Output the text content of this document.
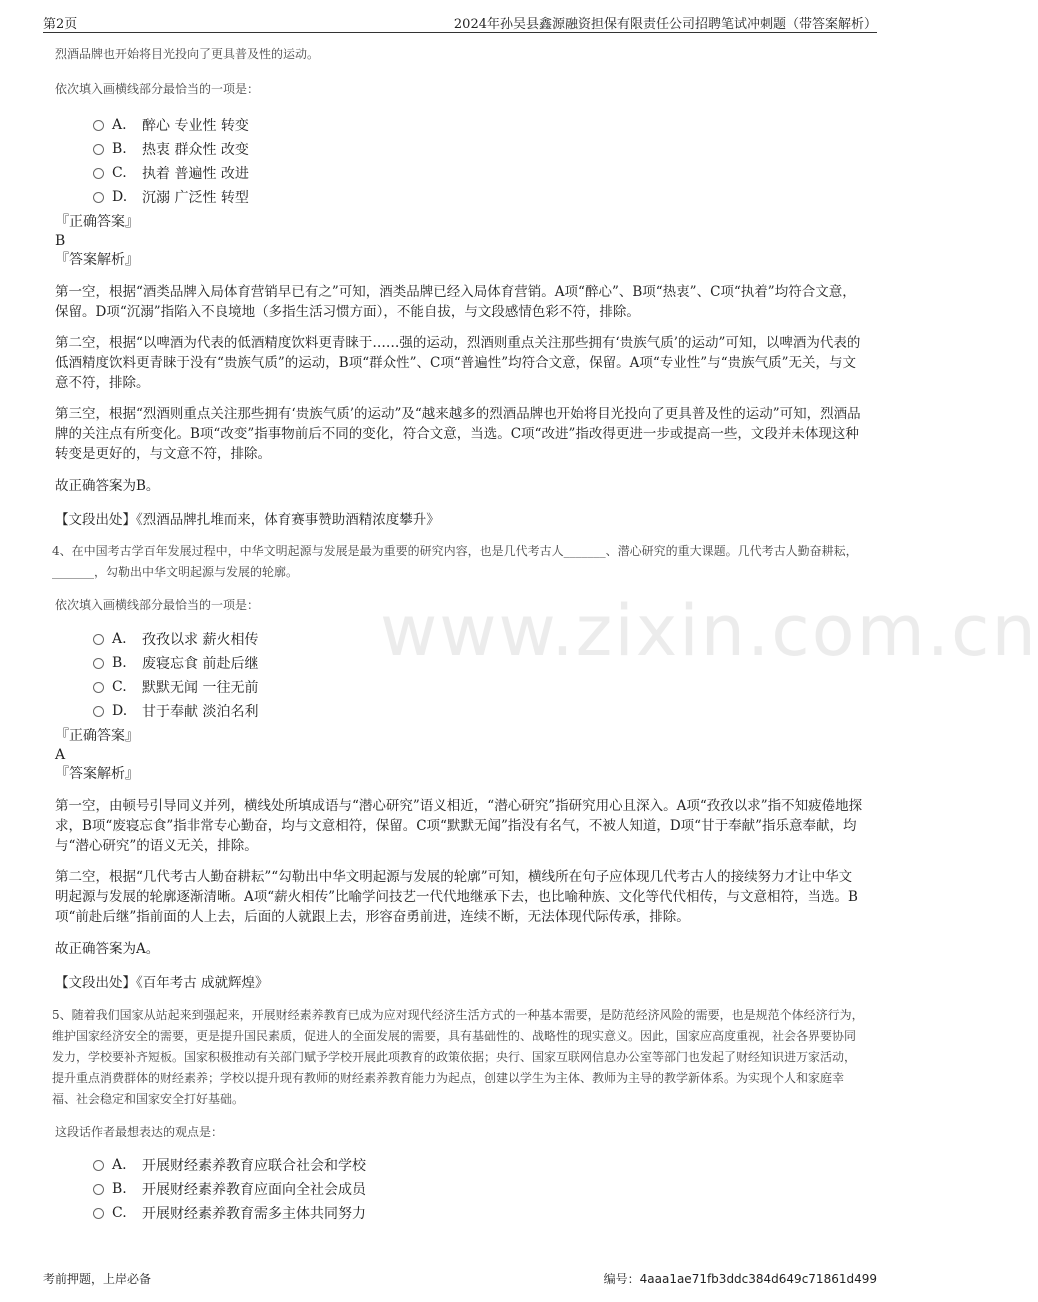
第2页	2024年孙吴县鑫源融资担保有限责任公司招聘笔试冲刺题（带答案解析）
www.zixin.com.cn
烈酒品牌也开始将目光投向了更具普及性的运动。
依次填入画横线部分最恰当的一项是：
A.	醉心 专业性 转变
B.	热衷 群众性 改变
C.	执着 普遍性 改进
D.	沉溺 广泛性 转型
『正确答案』
B
『答案解析』

第一空，根据“酒类品牌入局体育营销早已有之”可知，酒类品牌已经入局体育营销。A项“醉心”、B项“热衷”、C项“执着”均符合文意，保留。D项“沉溺”指陷入不良境地（多指生活习惯方面），不能自拔，与文段感情色彩不符，排除。

第二空，根据“以啤酒为代表的低酒精度饮料更青睐于……强的运动，烈酒则重点关注那些拥有‘贵族气质’的运动”可知，以啤酒为代表的低酒精度饮料更青睐于没有“贵族气质”的运动，B项“群众性”、C项“普遍性”均符合文意，保留。A项“专业性”与“贵族气质”无关，与文意不符，排除。

第三空，根据“烈酒则重点关注那些拥有‘贵族气质’的运动”及“越来越多的烈酒品牌也开始将目光投向了更具普及性的运动”可知，烈酒品牌的关注点有所变化。B项“改变”指事物前后不同的变化，符合文意，当选。C项“改进”指改得更进一步或提高一些，文段并未体现这种转变是更好的，与文意不符，排除。

故正确答案为B。

【文段出处】《烈酒品牌扎堆而来，体育赛事赞助酒精浓度攀升》

4、在中国考古学百年发展过程中，中华文明起源与发展是最为重要的研究内容，也是几代考古人_______、潜心研究的重大课题。几代考古人勤奋耕耘，_______，勾勒出中华文明起源与发展的轮廓。
依次填入画横线部分最恰当的一项是：
A.	孜孜以求 薪火相传
B.	废寝忘食 前赴后继
C.	默默无闻 一往无前
D.	甘于奉献 淡泊名利
『正确答案』
A
『答案解析』

第一空，由顿号引导同义并列，横线处所填成语与“潜心研究”语义相近，“潜心研究”指研究用心且深入。A项“孜孜以求”指不知疲倦地探求，B项“废寝忘食”指非常专心勤奋，均与文意相符，保留。C项“默默无闻”指没有名气，不被人知道，D项“甘于奉献”指乐意奉献，均与“潜心研究”的语义无关，排除。

第二空，根据“几代考古人勤奋耕耘”“勾勒出中华文明起源与发展的轮廓”可知，横线所在句子应体现几代考古人的接续努力才让中华文明起源与发展的轮廓逐渐清晰。A项“薪火相传”比喻学问技艺一代代地继承下去，也比喻种族、文化等代代相传，与文意相符，当选。B项“前赴后继”指前面的人上去，后面的人就跟上去，形容奋勇前进，连续不断，无法体现代际传承，排除。

故正确答案为A。

【文段出处】《百年考古 成就辉煌》

5、随着我们国家从站起来到强起来，开展财经素养教育已成为应对现代经济生活方式的一种基本需要，是防范经济风险的需要，也是规范个体经济行为，维护国家经济安全的需要，更是提升国民素质，促进人的全面发展的需要，具有基础性的、战略性的现实意义。因此，国家应高度重视，社会各界要协同发力，学校要补齐短板。国家积极推动有关部门赋予学校开展此项教育的政策依据；央行、国家互联网信息办公室等部门也发起了财经知识进万家活动，提升重点消费群体的财经素养；学校以提升现有教师的财经素养教育能力为起点，创建以学生为主体、教师为主导的教学新体系。为实现个人和家庭幸福、社会稳定和国家安全打好基础。
这段话作者最想表达的观点是：
A.	开展财经素养教育应联合社会和学校
B.	开展财经素养教育应面向全社会成员
C.	开展财经素养教育需多主体共同努力
考前押题，上岸必备	编号：4aaa1ae71fb3ddc384d649c71861d499
